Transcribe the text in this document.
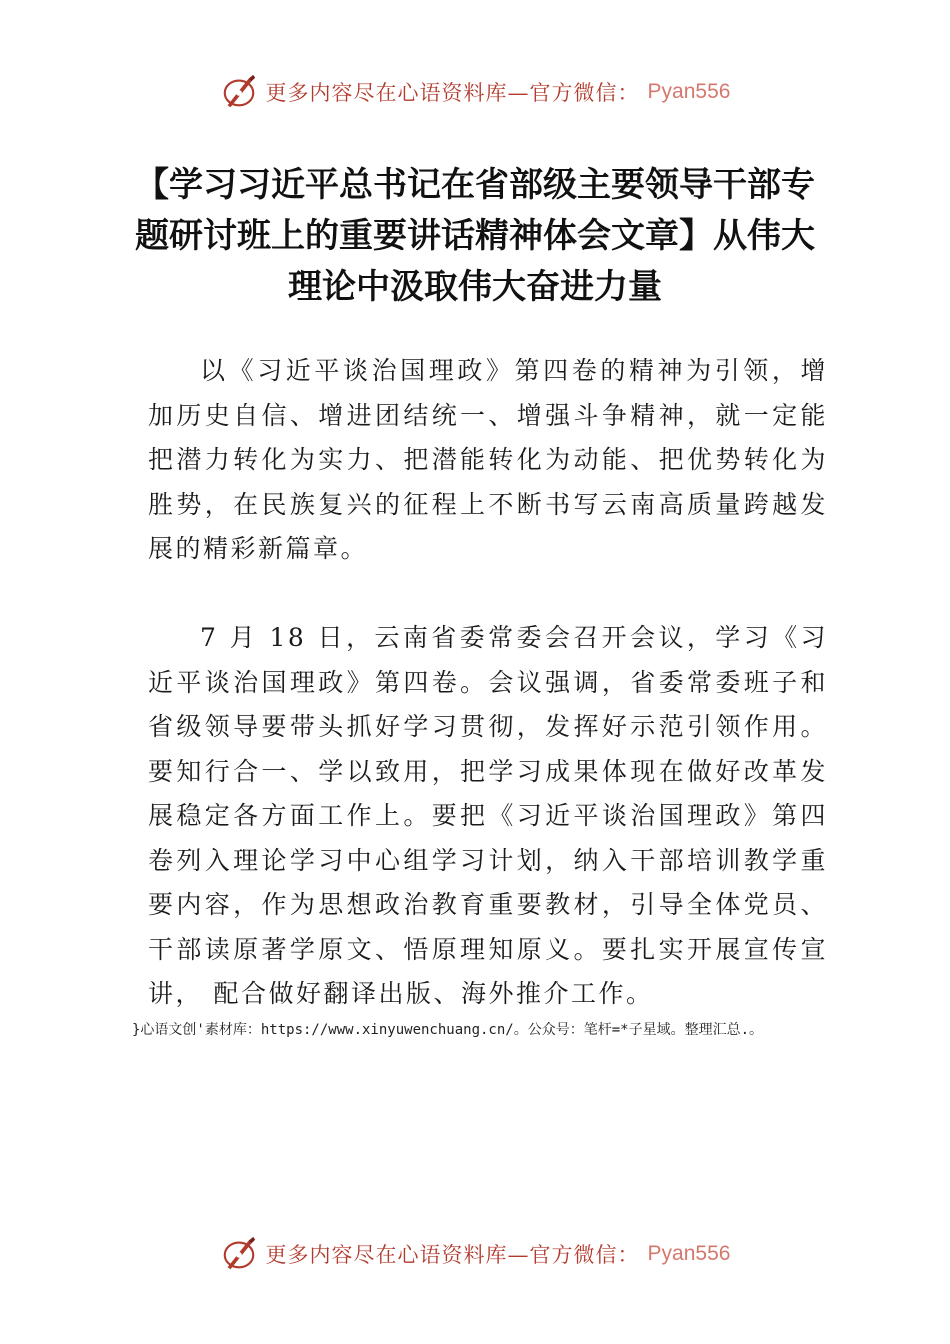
更多内容尽在心语资料库—官方微信： Pyan556
【学习习近平总书记在省部级主要领导干部专题研讨班上的重要讲话精神体会文章】从伟大理论中汲取伟大奋进力量

以《习近平谈治国理政》第四卷的精神为引领，增加历史自信、增进团结统一、增强斗争精神，就一定能把潜力转化为实力、把潜能转化为动能、把优势转化为胜势，在民族复兴的征程上不断书写云南高质量跨越发展的精彩新篇章。

7 月 18 日，云南省委常委会召开会议，学习《习近平谈治国理政》第四卷。会议强调，省委常委班子和省级领导要带头抓好学习贯彻，发挥好示范引领作用。要知行合一、学以致用，把学习成果体现在做好改革发展稳定各方面工作上。要把《习近平谈治国理政》第四卷列入理论学习中心组学习计划，纳入干部培训教学重要内容，作为思想政治教育重要教材，引导全体党员、干部读原著学原文、悟原理知原义。要扎实开展宣传宣讲， 配合做好翻译出版、海外推介工作。

}心语文创'素材库：https://www.xinyuwenchuang.cn/。公众号：笔杆=*子星域。整理汇总.。
更多内容尽在心语资料库—官方微信： Pyan556
